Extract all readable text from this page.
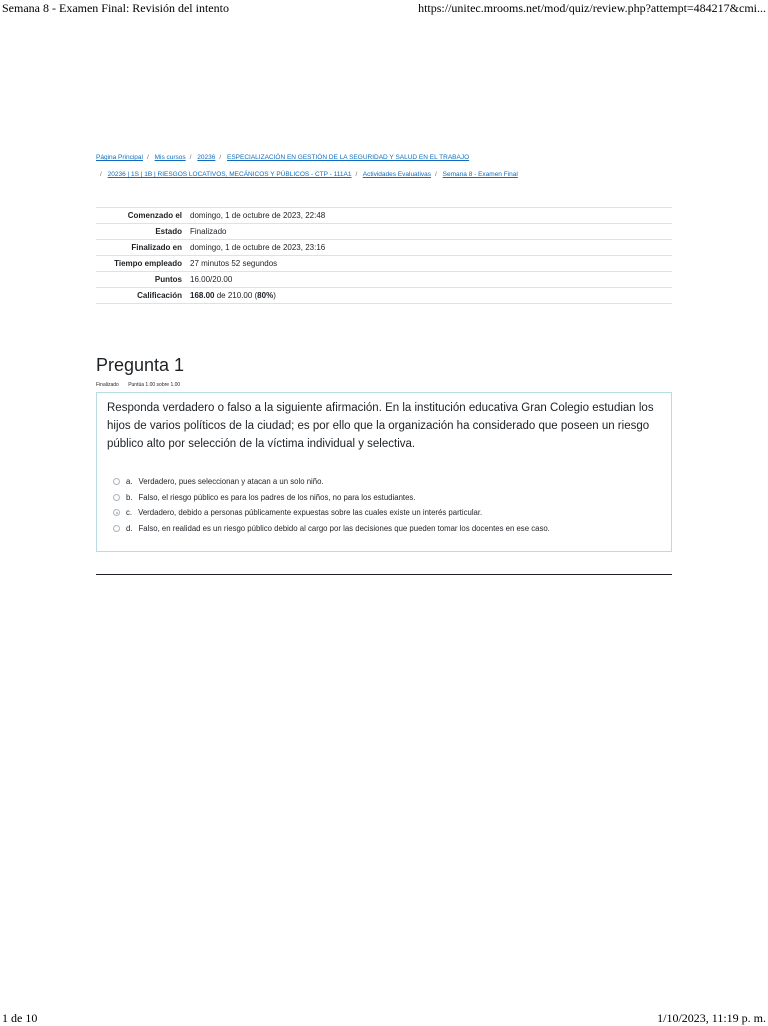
Semana 8 - Examen Final: Revisión del intento	https://unitec.mrooms.net/mod/quiz/review.php?attempt=484217&cmi...
Página Principal / Mis cursos / 20236 / ESPECIALIZACIÓN EN GESTIÓN DE LA SEGURIDAD Y SALUD EN EL TRABAJO
/ 20236 | 1S | 1B | RIESGOS LOCATIVOS, MECÁNICOS Y PÚBLICOS - CTP - 111A1 / Actividades Evaluativas / Semana 8 - Examen Final
Comenzado el	domingo, 1 de octubre de 2023, 22:48
Estado	Finalizado
Finalizado en	domingo, 1 de octubre de 2023, 23:16
Tiempo empleado	27 minutos 52 segundos
Puntos	16.00/20.00
Calificación	168.00 de 210.00 (80%)
Pregunta 1
Finalizado Puntúa 1.00 sobre 1.00
Responda verdadero o falso a la siguiente afirmación. En la institución educativa Gran Colegio estudian los hijos de varios políticos de la ciudad; es por ello que la organización ha considerado que poseen un riesgo público alto por selección de la víctima individual y selectiva.
a. Verdadero, pues seleccionan y atacan a un solo niño.
b. Falso, el riesgo público es para los padres de los niños, no para los estudiantes.
c. Verdadero, debido a personas públicamente expuestas sobre las cuales existe un interés particular.
d. Falso, en realidad es un riesgo público debido al cargo por las decisiones que pueden tomar los docentes en ese caso.
1 de 10	1/10/2023, 11:19 p. m.
